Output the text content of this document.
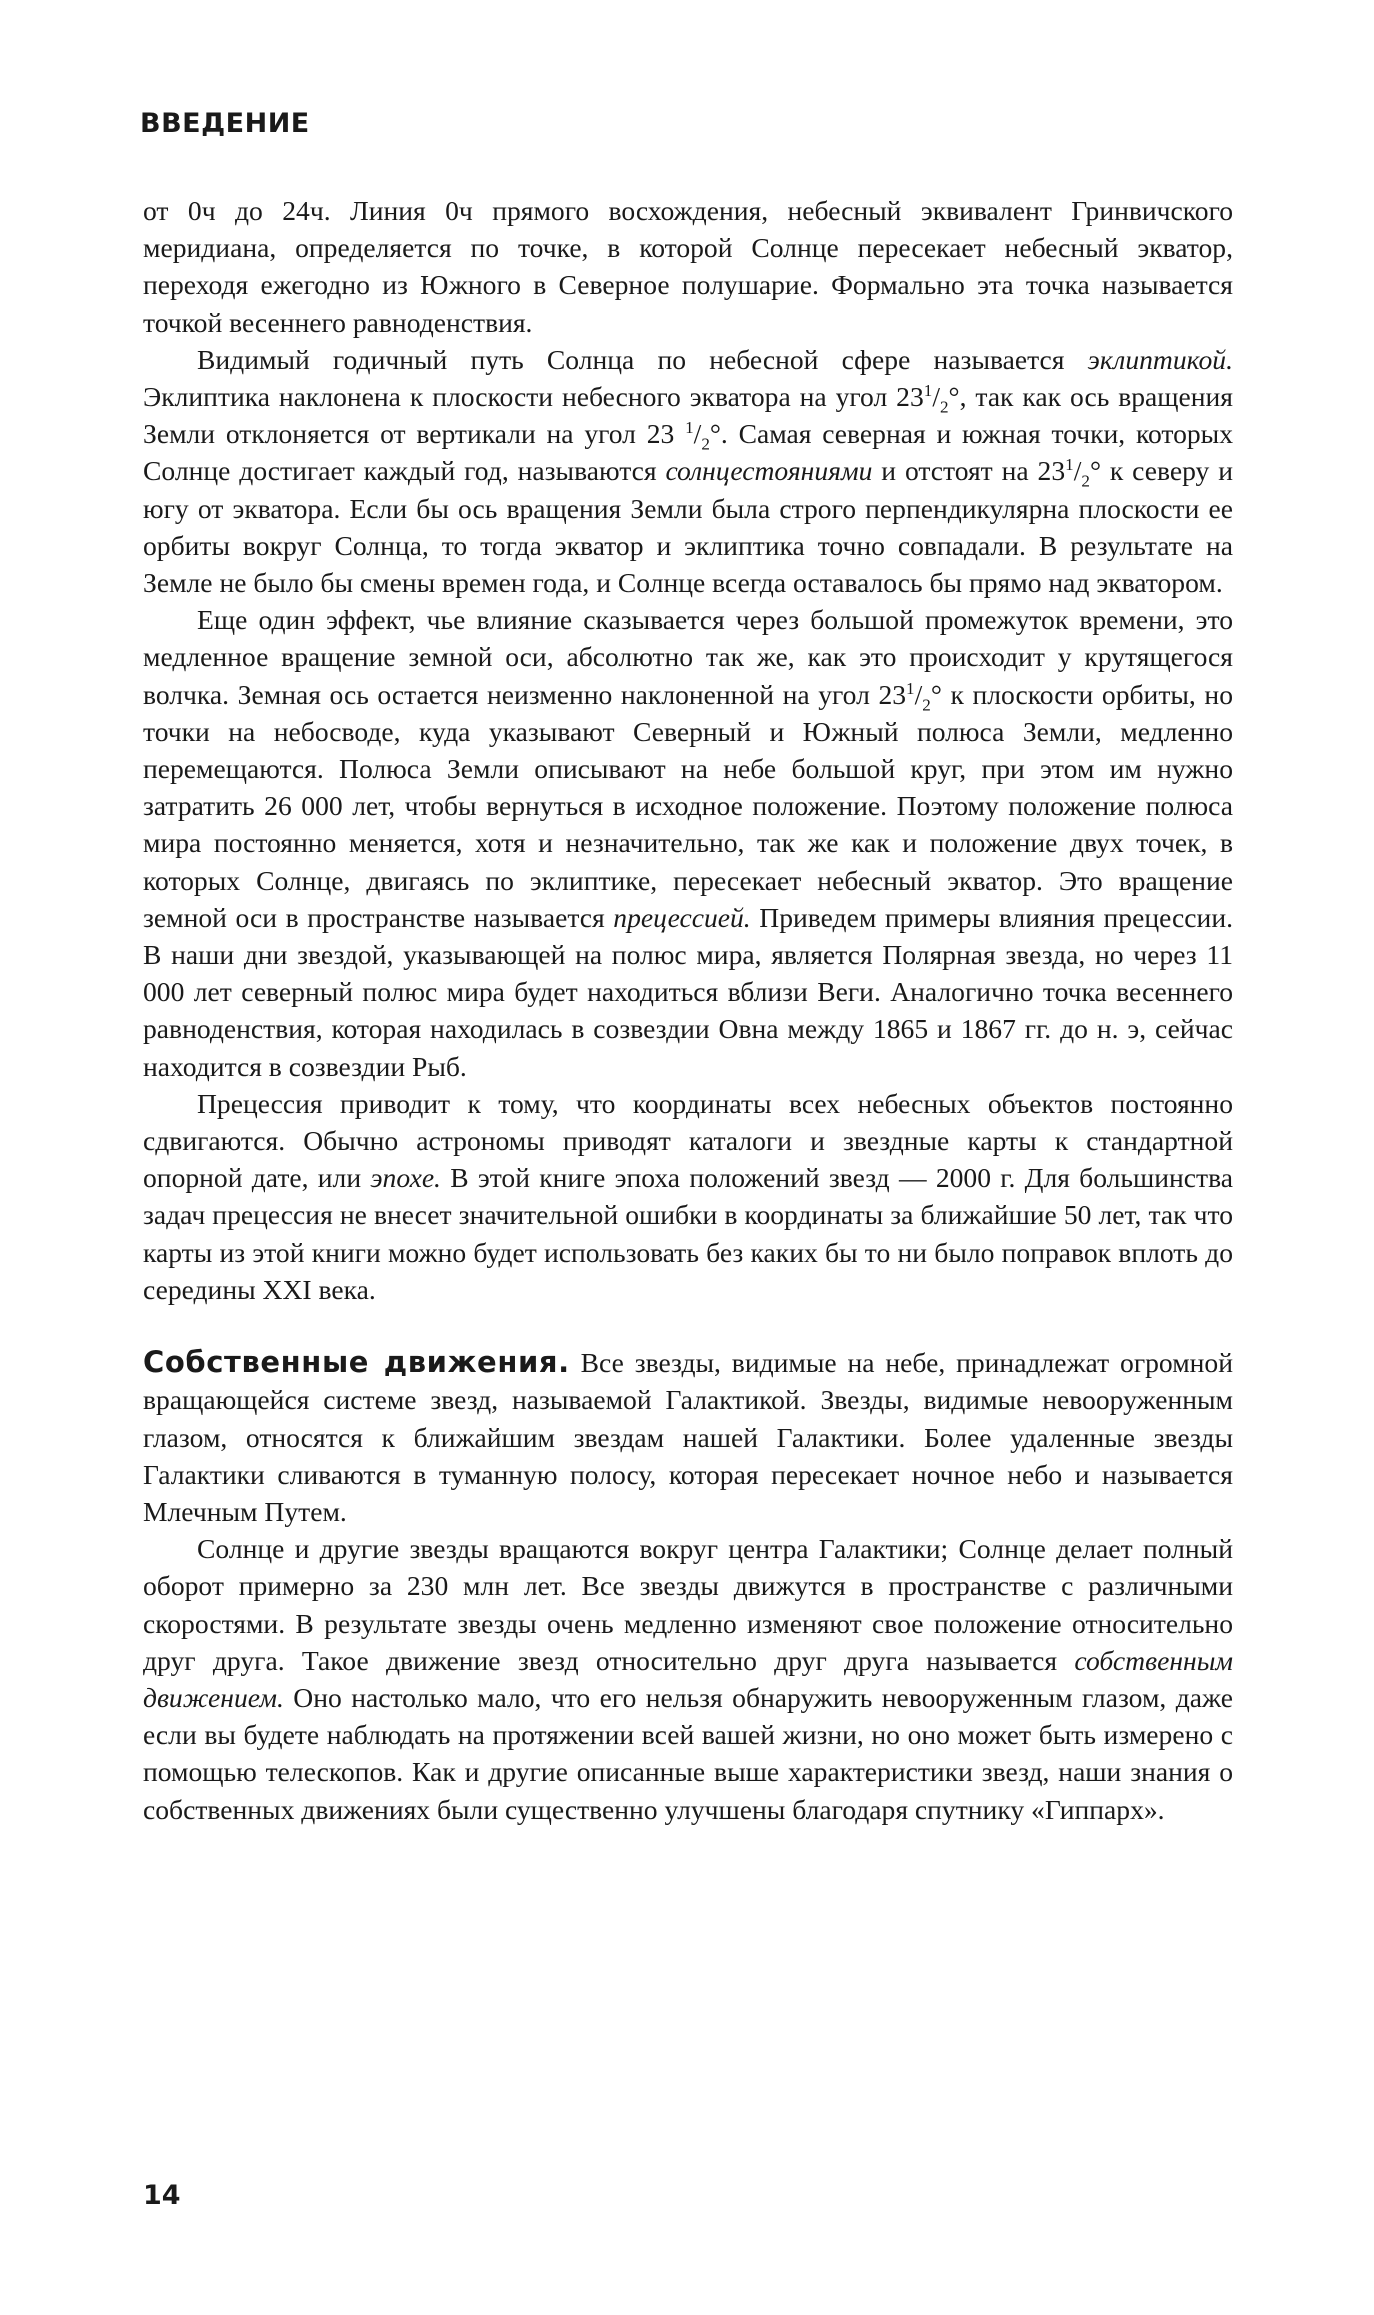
ВВЕДЕНИЕ

от 0ч до 24ч. Линия 0ч прямого восхождения, небесный эквивалент Гринвичского меридиана, определяется по точке, в которой Солнце пересекает небесный экватор, переходя ежегодно из Южного в Северное полушарие. Формально эта точка называется точкой весеннего равноденствия.

Видимый годичный путь Солнца по небесной сфере называется эклиптикой. Эклиптика наклонена к плоскости небесного экватора на угол $23^1/_2^\circ$, так как ось вращения Земли отклоняется от вертикали на угол 23 $^1/_2^\circ$. Самая северная и южная точки, которых Солнце достигает каждый год, называются солнцестояниями и отстоят на $23^1/_2^\circ$ к северу и югу от экватора. Если бы ось вращения Земли была строго перпендикулярна плоскости ее орбиты вокруг Солнца, то тогда экватор и эклиптика точно совпадали. В результате на Земле не было бы смены времен года, и Солнце всегда оставалось бы прямо над экватором.

Еще один эффект, чье влияние сказывается через большой промежуток времени, это медленное вращение земной оси, абсолютно так же, как это происходит у крутящегося волчка. Земная ось остается неизменно наклоненной на угол $23^1/_2^\circ$ к плоскости орбиты, но точки на небосводе, куда указывают Северный и Южный полюса Земли, медленно перемещаются. Полюса Земли описывают на небе большой круг, при этом им нужно затратить 26 000 лет, чтобы вернуться в исходное положение. Поэтому положение полюса мира постоянно меняется, хотя и незначительно, так же как и положение двух точек, в которых Солнце, двигаясь по эклиптике, пересекает небесный экватор. Это вращение земной оси в пространстве называется прецессией. Приведем примеры влияния прецессии. В наши дни звездой, указывающей на полюс мира, является Полярная звезда, но через 11 000 лет северный полюс мира будет находиться вблизи Веги. Аналогично точка весеннего равноденствия, которая находилась в созвездии Овна между 1865 и 1867 гг. до н. э, сейчас находится в созвездии Рыб.

Прецессия приводит к тому, что координаты всех небесных объектов постоянно сдвигаются. Обычно астрономы приводят каталоги и звездные карты к стандартной опорной дате, или эпохе. В этой книге эпоха положений звезд — 2000 г. Для большинства задач прецессия не внесет значительной ошибки в координаты за ближайшие 50 лет, так что карты из этой книги можно будет использовать без каких бы то ни было поправок вплоть до середины XXI века.

Собственные движения. Все звезды, видимые на небе, принадлежат огромной вращающейся системе звезд, называемой Галактикой. Звезды, видимые невооруженным глазом, относятся к ближайшим звездам нашей Галактики. Более удаленные звезды Галактики сливаются в туманную полосу, которая пересекает ночное небо и называется Млечным Путем.

Солнце и другие звезды вращаются вокруг центра Галактики; Солнце делает полный оборот примерно за 230 млн лет. Все звезды движутся в пространстве с различными скоростями. В результате звезды очень медленно изменяют свое положение относительно друг друга. Такое движение звезд относительно друг друга называется собственным движением. Оно настолько мало, что его нельзя обнаружить невооруженным глазом, даже если вы будете наблюдать на протяжении всей вашей жизни, но оно может быть измерено с помощью телескопов. Как и другие описанные выше характеристики звезд, наши знания о собственных движениях были существенно улучшены благодаря спутнику «Гиппарх».

14
